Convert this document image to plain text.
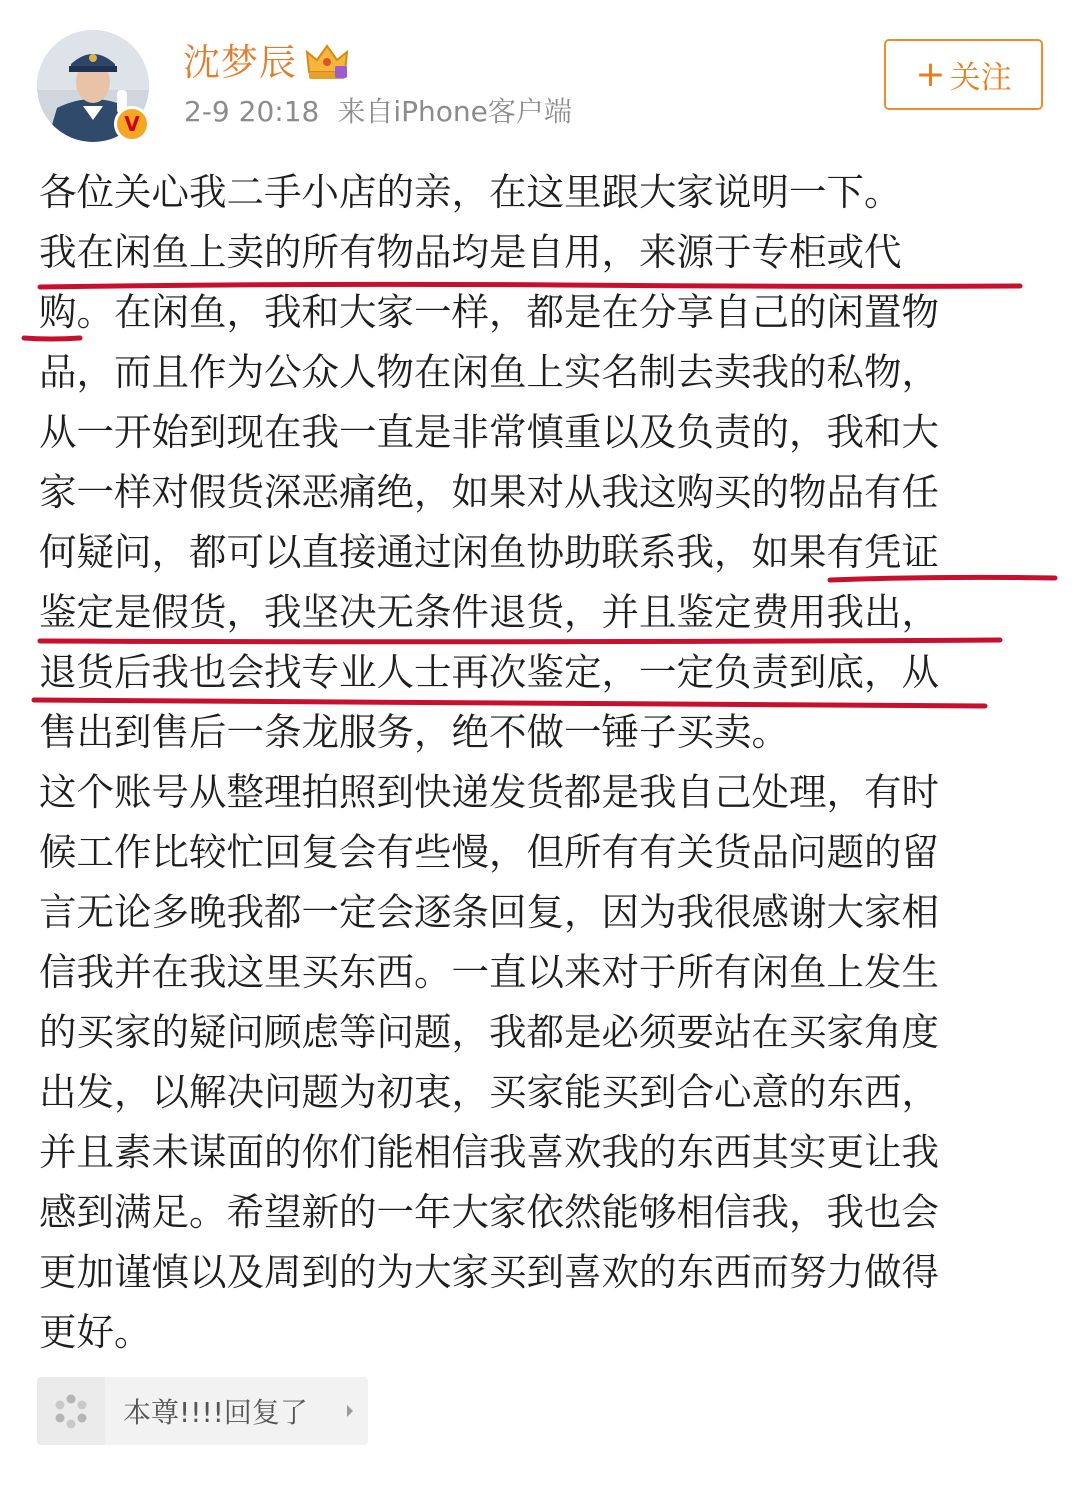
V
沈梦辰
2-9 20:18 来自iPhone客户端
+ 关注
各位关心我二手小店的亲，在这里跟大家说明一下。
我在闲鱼上卖的所有物品均是自用，来源于专柜或代
购。在闲鱼，我和大家一样，都是在分享自己的闲置物
品，而且作为公众人物在闲鱼上实名制去卖我的私物，
从一开始到现在我一直是非常慎重以及负责的，我和大
家一样对假货深恶痛绝，如果对从我这购买的物品有任
何疑问，都可以直接通过闲鱼协助联系我，如果有凭证
鉴定是假货，我坚决无条件退货，并且鉴定费用我出，
退货后我也会找专业人士再次鉴定，一定负责到底，从
售出到售后一条龙服务，绝不做一锤子买卖。
这个账号从整理拍照到快递发货都是我自己处理，有时
候工作比较忙回复会有些慢，但所有有关货品问题的留
言无论多晚我都一定会逐条回复，因为我很感谢大家相
信我并在我这里买东西。一直以来对于所有闲鱼上发生
的买家的疑问顾虑等问题，我都是必须要站在买家角度
出发，以解决问题为初衷，买家能买到合心意的东西，
并且素未谋面的你们能相信我喜欢我的东西其实更让我
感到满足。希望新的一年大家依然能够相信我，我也会
更加谨慎以及周到的为大家买到喜欢的东西而努力做得
更好。
本尊!!!!回复了
